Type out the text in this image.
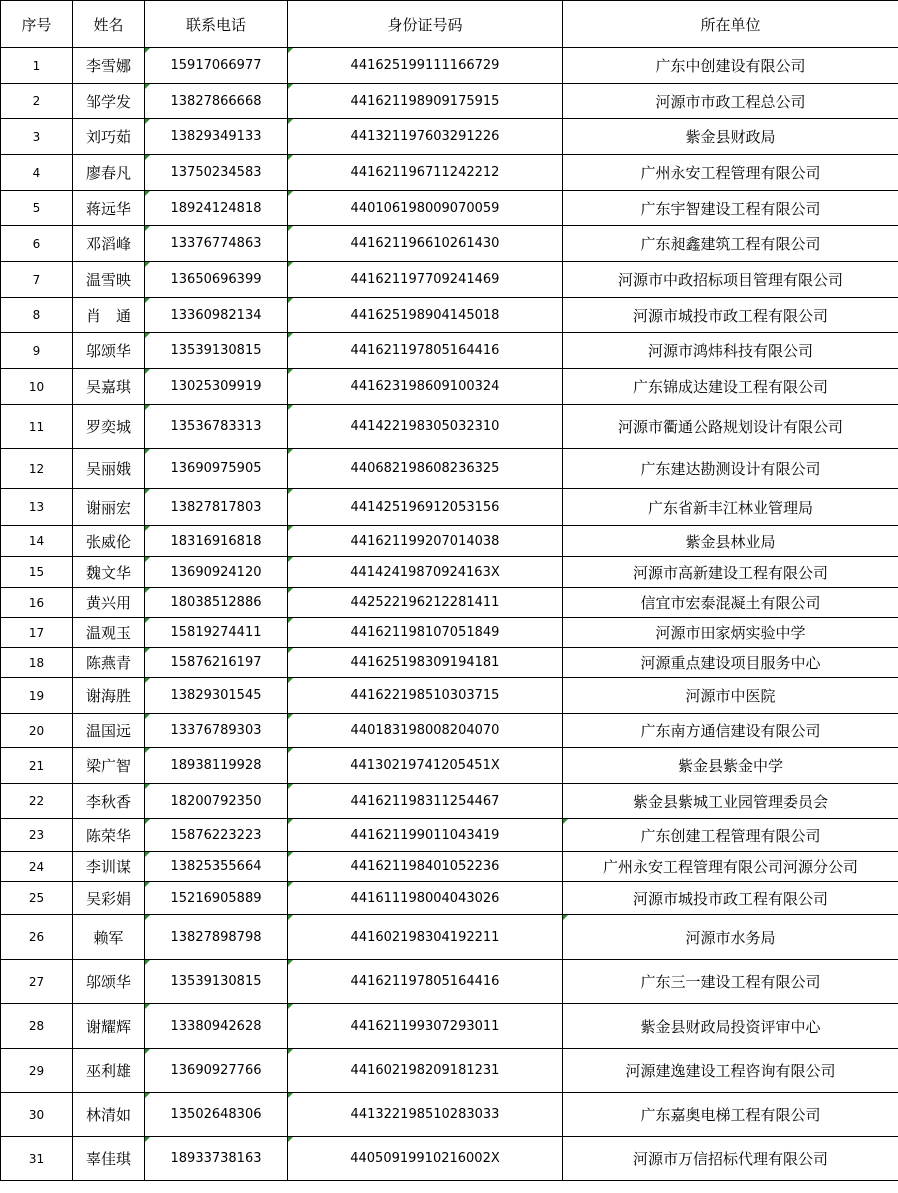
序号	姓名	联系电话	身份证号码	所在单位
1	李雪娜	15917066977	441625199111166729	广东中创建设有限公司
2	邹学发	13827866668	441621198909175915	河源市市政工程总公司
3	刘巧茹	13829349133	441321197603291226	紫金县财政局
4	廖春凡	13750234583	441621196711242212	广州永安工程管理有限公司
5	蒋远华	18924124818	440106198009070059	广东宇智建设工程有限公司
6	邓滔峰	13376774863	441621196610261430	广东昶鑫建筑工程有限公司
7	温雪映	13650696399	441621197709241469	河源市中政招标项目管理有限公司
8	肖　通	13360982134	441625198904145018	河源市城投市政工程有限公司
9	邬颂华	13539130815	441621197805164416	河源市鸿炜科技有限公司
10	吴嘉琪	13025309919	441623198609100324	广东锦成达建设工程有限公司
11	罗奕城	13536783313	441422198305032310	河源市衢通公路规划设计有限公司
12	吴丽娥	13690975905	440682198608236325	广东建达勘测设计有限公司
13	谢丽宏	13827817803	441425196912053156	广东省新丰江林业管理局
14	张威伦	18316916818	441621199207014038	紫金县林业局
15	魏文华	13690924120	44142419870924163X	河源市高新建设工程有限公司
16	黄兴用	18038512886	442522196212281411	信宜市宏泰混凝土有限公司
17	温观玉	15819274411	441621198107051849	河源市田家炳实验中学
18	陈燕青	15876216197	441625198309194181	河源重点建设项目服务中心
19	谢海胜	13829301545	441622198510303715	河源市中医院
20	温国远	13376789303	440183198008204070	广东南方通信建设有限公司
21	梁广智	18938119928	44130219741205451X	紫金县紫金中学
22	李秋香	18200792350	441621198311254467	紫金县紫城工业园管理委员会
23	陈荣华	15876223223	441621199011043419	广东创建工程管理有限公司
24	李训谋	13825355664	441621198401052236	广州永安工程管理有限公司河源分公司
25	吴彩娟	15216905889	441611198004043026	河源市城投市政工程有限公司
26	赖军	13827898798	441602198304192211	河源市水务局
27	邬颂华	13539130815	441621197805164416	广东三一建设工程有限公司
28	谢耀辉	13380942628	441621199307293011	紫金县财政局投资评审中心
29	巫利雄	13690927766	441602198209181231	河源建逸建设工程咨询有限公司
30	林清如	13502648306	441322198510283033	广东嘉奥电梯工程有限公司
31	辜佳琪	18933738163	44050919910216002X	河源市万信招标代理有限公司
